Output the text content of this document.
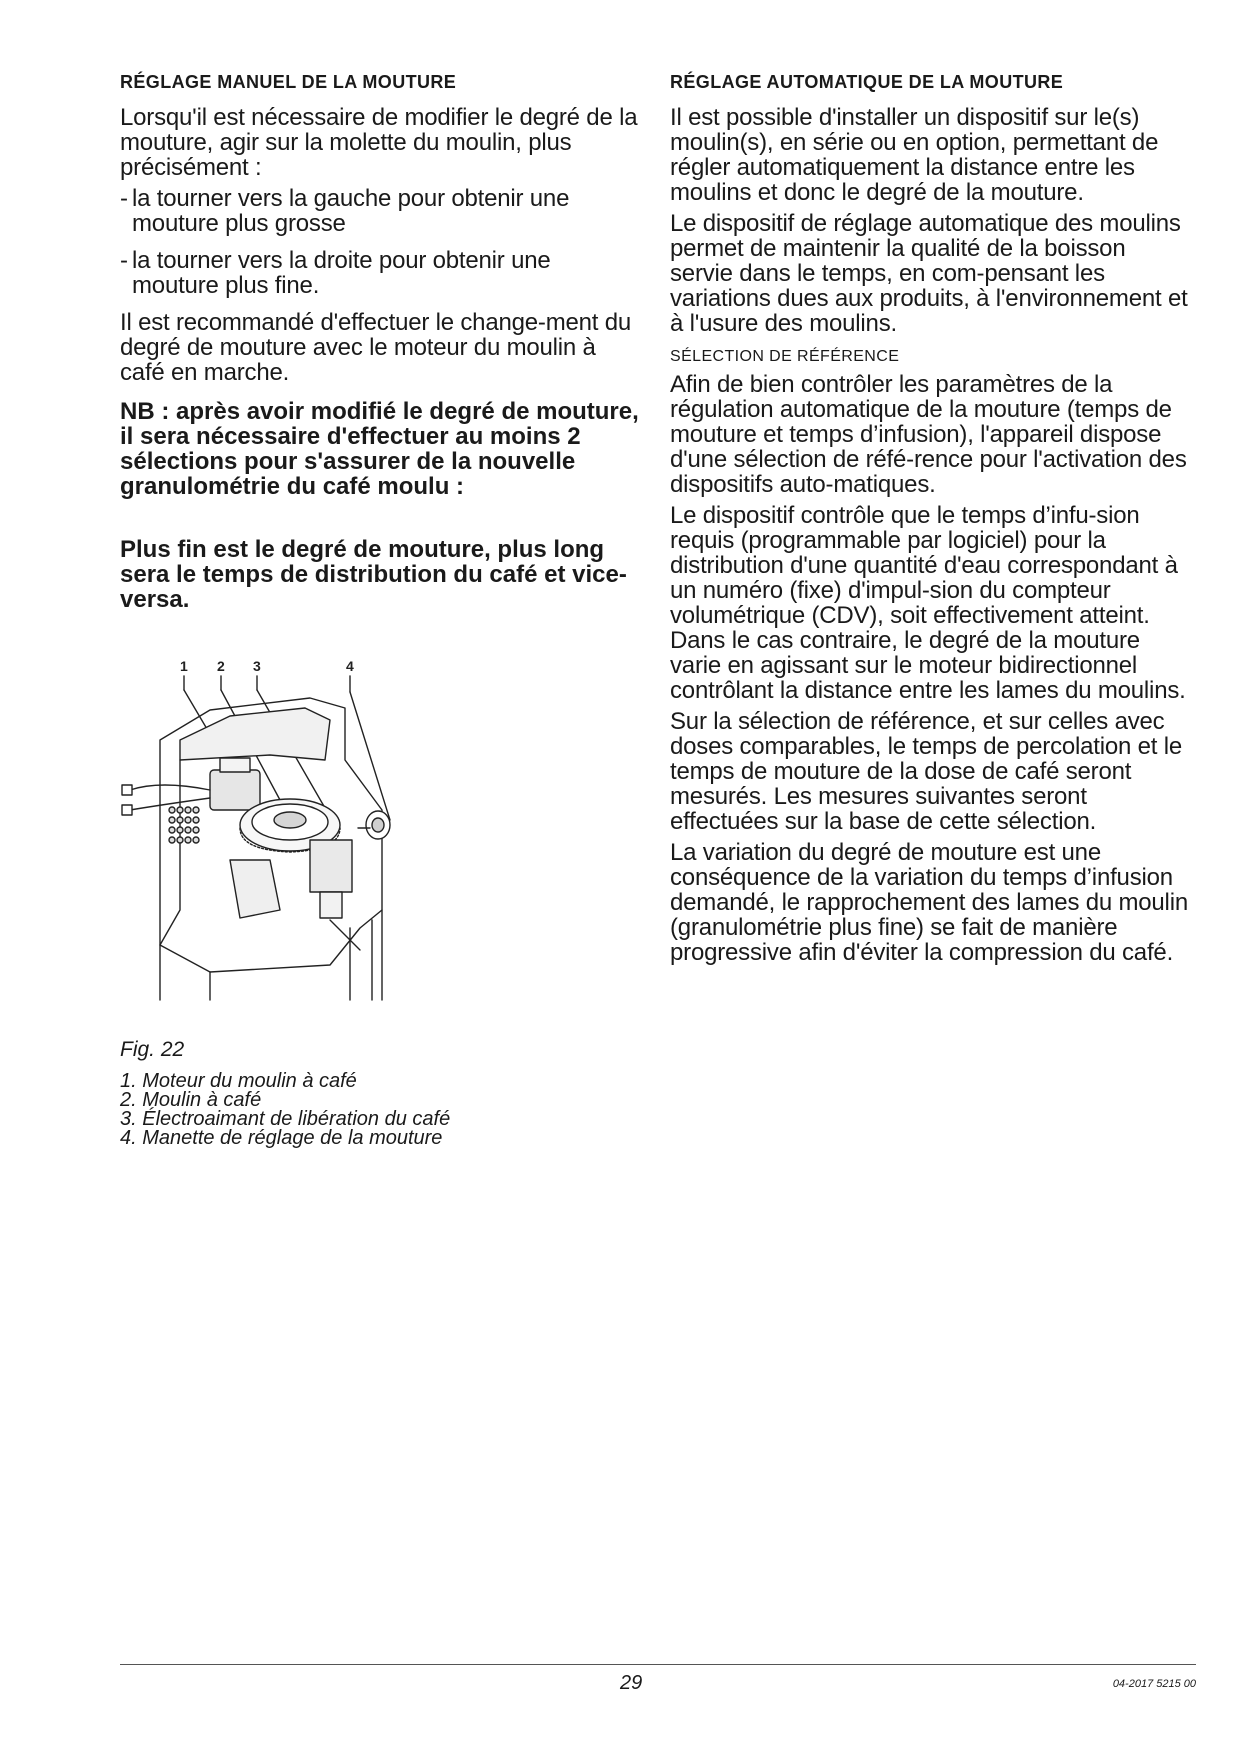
RÉGLAGE MANUEL DE LA MOUTURE

Lorsqu'il est nécessaire de modifier le degré de la mouture, agir sur la molette du moulin, plus précisément :

- la tourner vers la gauche pour obtenir une mouture plus grosse
- la tourner vers la droite pour obtenir une mouture plus fine.

Il est recommandé d'effectuer le change-ment du degré de mouture avec le moteur du moulin à café en marche.

NB : après avoir modifié le degré de mouture, il sera nécessaire d'effectuer au moins 2 sélections pour s'assurer de la nouvelle granulométrie du café moulu :

Plus fin est le degré de mouture, plus long sera le temps de distribution du café et vice-versa.

1 2 3	4
Fig. 22
1. Moteur du moulin à café
2. Moulin à café
3. Électroaimant de libération du café
4. Manette de réglage de la mouture
RÉGLAGE AUTOMATIQUE DE LA MOUTURE

Il est possible d'installer un dispositif sur le(s) moulin(s), en série ou en option, permettant de régler automatiquement la distance entre les moulins et donc le degré de la mouture.

Le dispositif de réglage automatique des moulins permet de maintenir la qualité de la boisson servie dans le temps, en com-pensant les variations dues aux produits, à l'environnement et à l'usure des moulins.

SÉLECTION DE RÉFÉRENCE

Afin de bien contrôler les paramètres de la régulation automatique de la mouture (temps de mouture et temps d’infusion), l'appareil dispose d'une sélection de réfé-rence pour l'activation des dispositifs auto-matiques.

Le dispositif contrôle que le temps d’infu-sion requis (programmable par logiciel) pour la distribution d'une quantité d'eau correspondant à un numéro (fixe) d'impul-sion du compteur volumétrique (CDV), soit effectivement atteint. Dans le cas contraire, le degré de la mouture varie en agissant sur le moteur bidirectionnel contrôlant la distance entre les lames du moulins.

Sur la sélection de référence, et sur celles avec doses comparables, le temps de percolation et le temps de mouture de la dose de café seront mesurés. Les mesures suivantes seront effectuées sur la base de cette sélection.

La variation du degré de mouture est une conséquence de la variation du temps d’infusion demandé, le rapprochement des lames du moulin (granulométrie plus fine) se fait de manière progressive afin d'éviter la compression du café.

29	04-2017 5215 00
